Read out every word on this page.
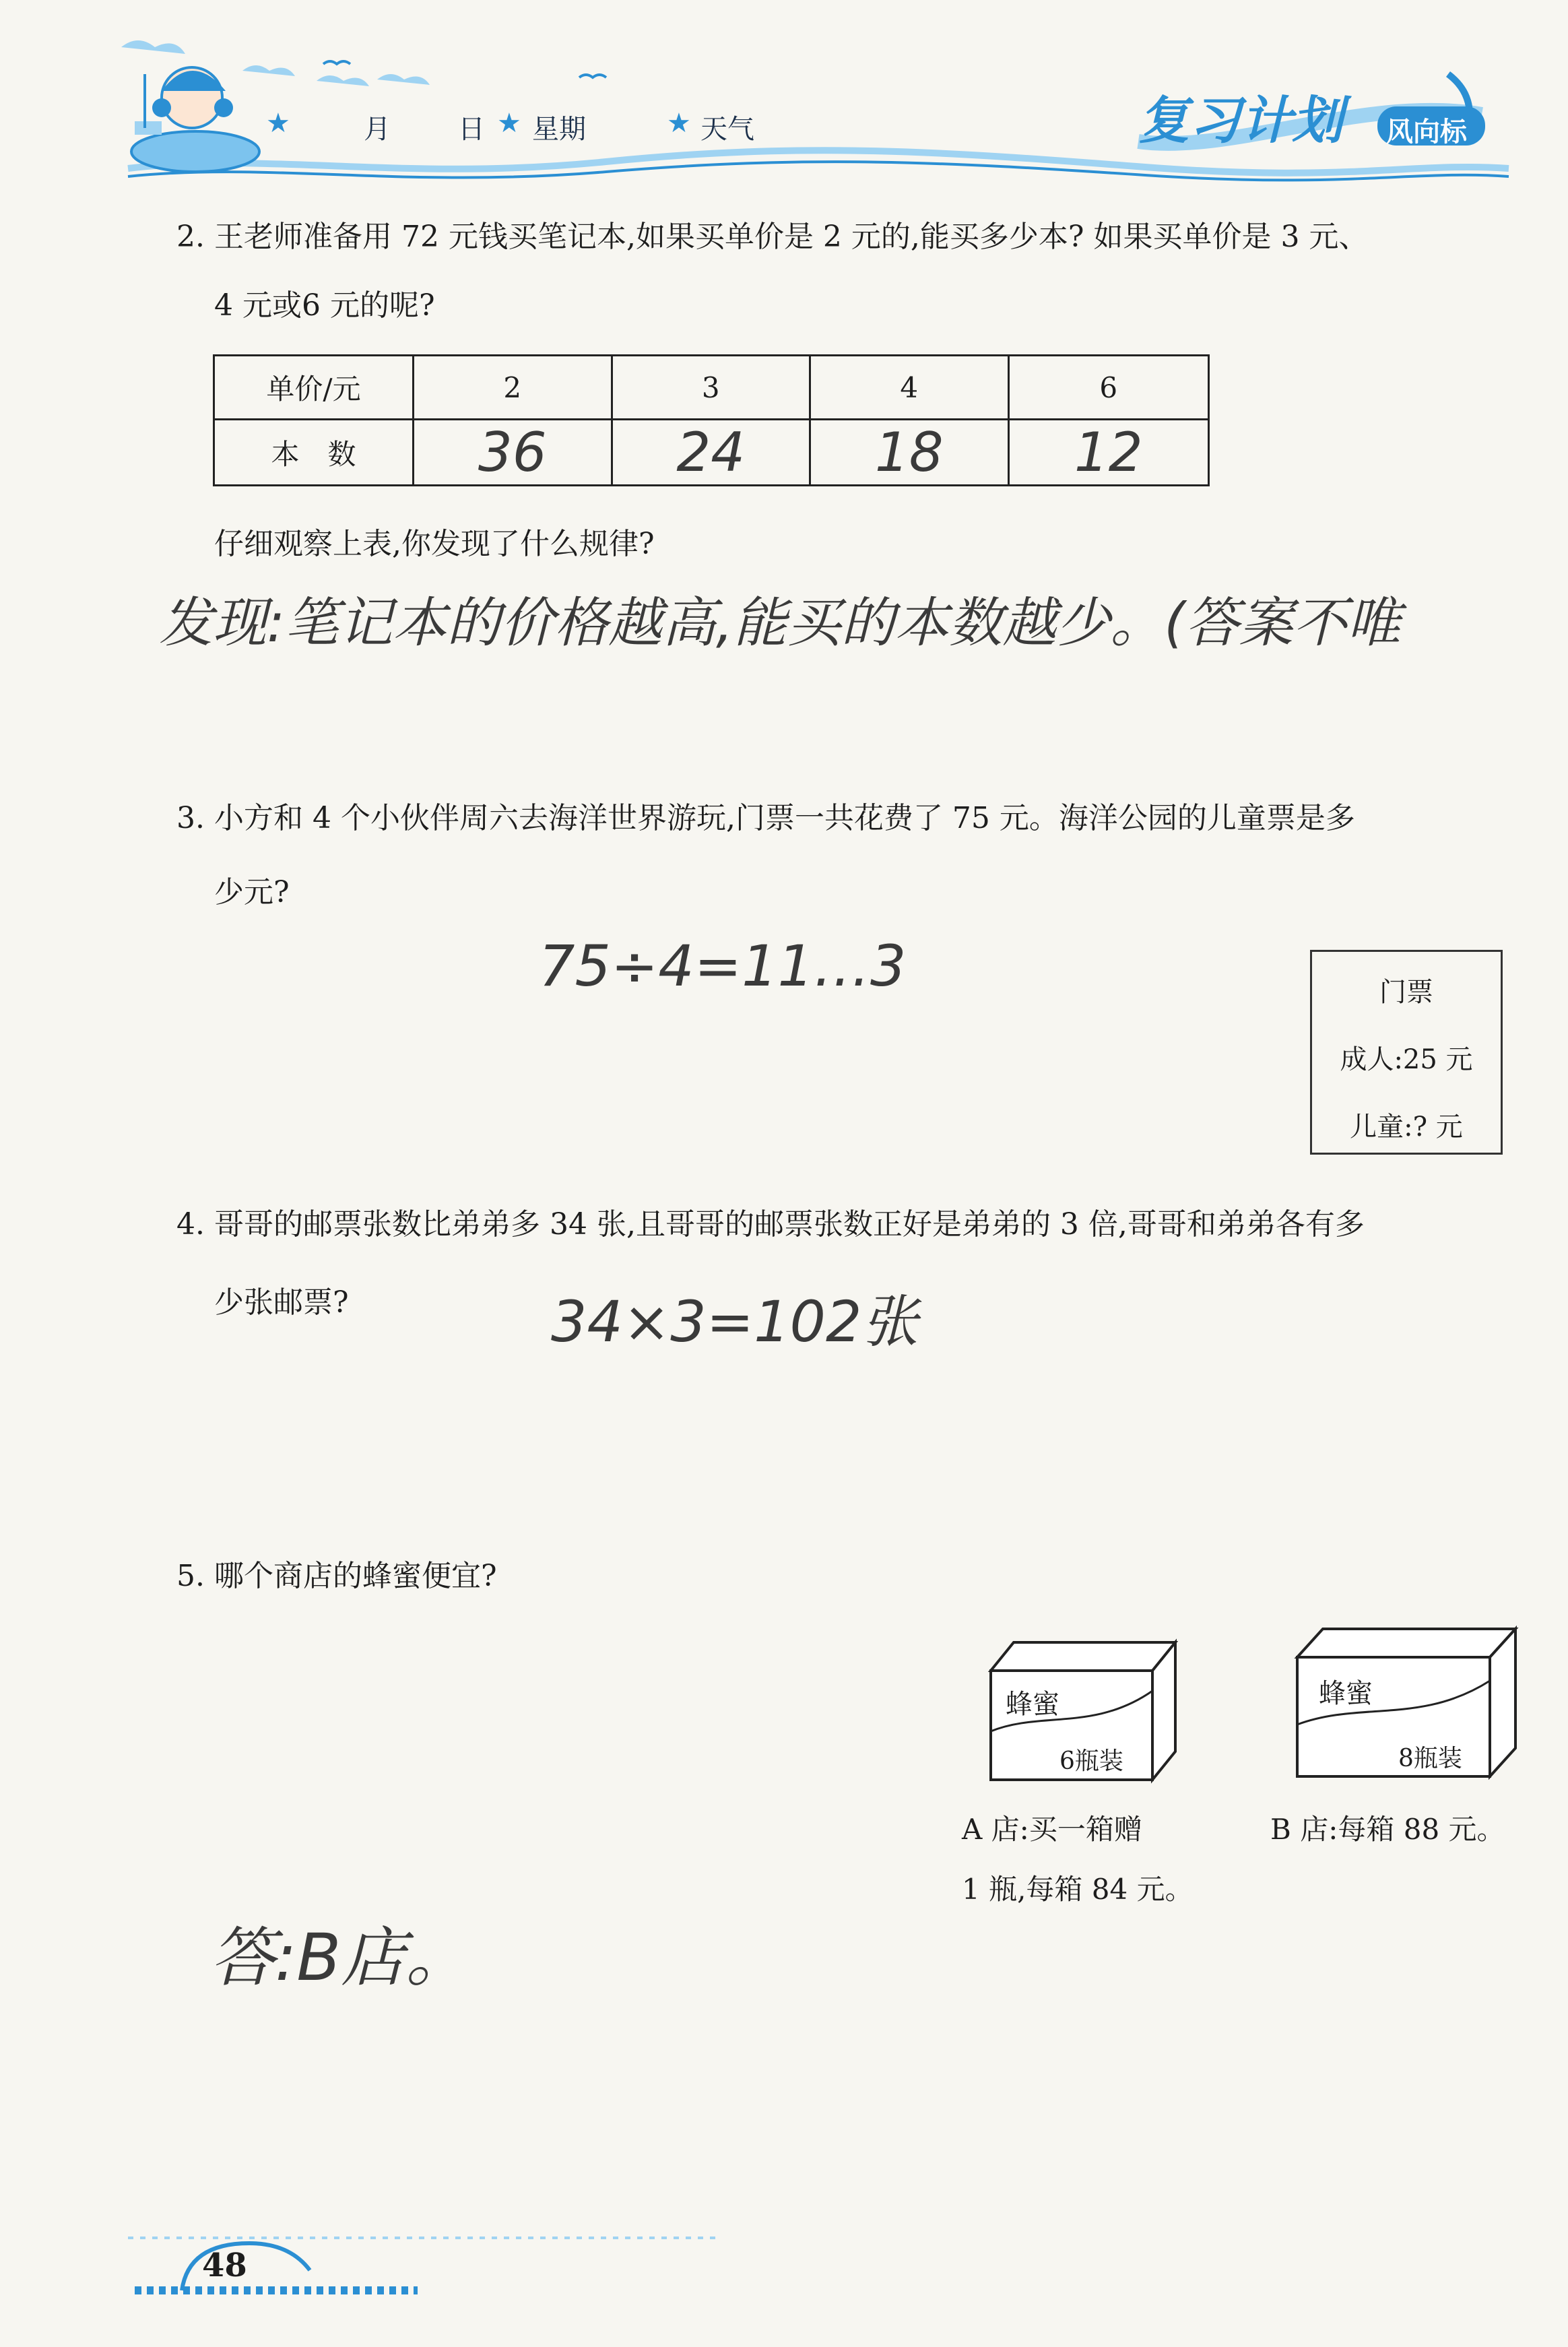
★	月	日 ★ 星期	★ 天气	复习计划 风向标
2. 王老师准备用 72 元钱买笔记本,如果买单价是 2 元的,能买多少本? 如果买单价是 3 元、
4 元或6 元的呢?
单价/元	2	3	4	6
本　数	36	24	18	12
仔细观察上表,你发现了什么规律?
发现:笔记本的价格越高,能买的本数越少。(答案不唯
3. 小方和 4 个小伙伴周六去海洋世界游玩,门票一共花费了 75 元。海洋公园的儿童票是多
少元?
75÷4=11…3	门票
成人:25 元
儿童:? 元
4. 哥哥的邮票张数比弟弟多 34 张,且哥哥的邮票张数正好是弟弟的 3 倍,哥哥和弟弟各有多
少张邮票?	34×3=102张
5. 哪个商店的蜂蜜便宜?
蜂蜜
6瓶装
蜂蜜
8瓶装
A 店:买一箱赠
1 瓶,每箱 84 元。
B 店:每箱 88 元。
答:B店。
48
